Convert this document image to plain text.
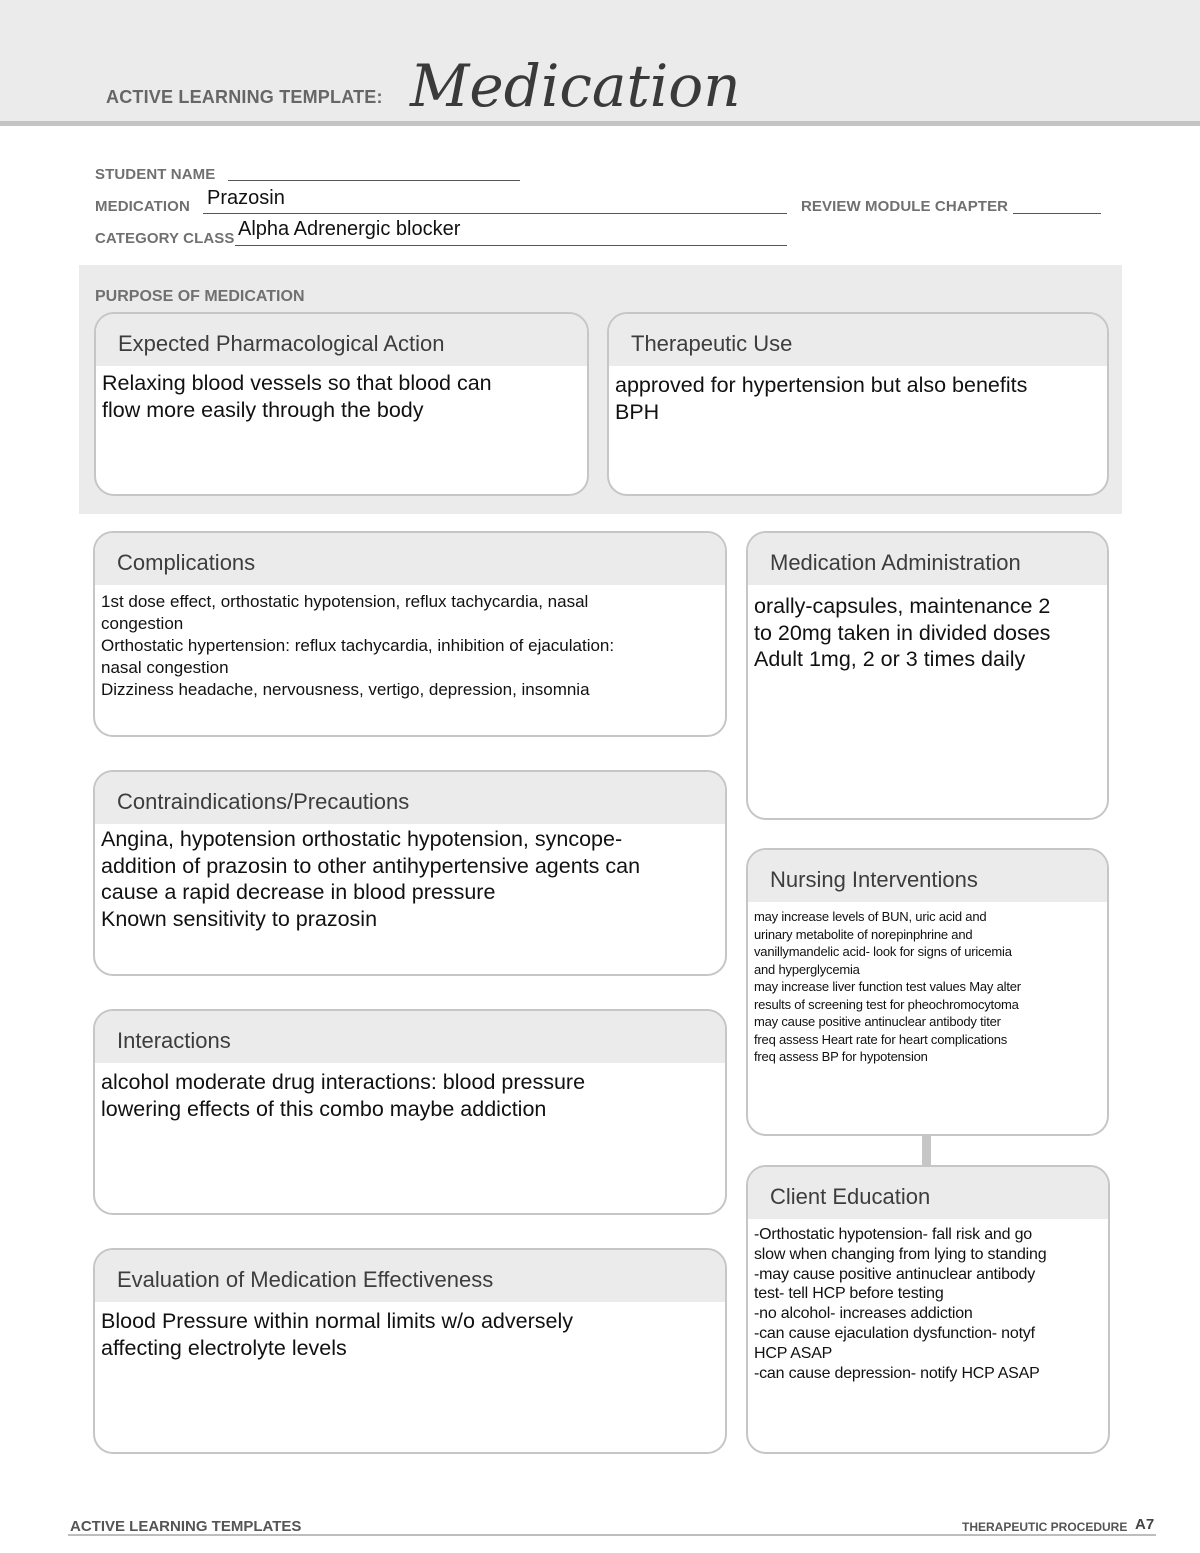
ACTIVE LEARNING TEMPLATE: Medication
STUDENT NAME
MEDICATION Prazosin	REVIEW MODULE CHAPTER
CATEGORY CLASS Alpha Adrenergic blocker
PURPOSE OF MEDICATION
Expected Pharmacological Action
Relaxing blood vessels so that blood can
flow more easily through the body
Therapeutic Use
approved for hypertension but also benefits
BPH
Complications
1st dose effect, orthostatic hypotension, reflux tachycardia, nasal
congestion
Orthostatic hypertension: reflux tachycardia, inhibition of ejaculation:
nasal congestion
Dizziness headache, nervousness, vertigo, depression, insomnia
Contraindications/Precautions
Angina, hypotension orthostatic hypotension, syncope-
addition of prazosin to other antihypertensive agents can
cause a rapid decrease in blood pressure
Known sensitivity to prazosin
Interactions
alcohol moderate drug interactions: blood pressure
lowering effects of this combo maybe addiction
Evaluation of Medication Effectiveness
Blood Pressure within normal limits w/o adversely
affecting electrolyte levels
Medication Administration
orally-capsules, maintenance 2
to 20mg taken in divided doses
Adult 1mg, 2 or 3 times daily
Nursing Interventions
may increase levels of BUN, uric acid and
urinary metabolite of norepinphrine and
vanillymandelic acid- look for signs of uricemia
and hyperglycemia
may increase liver function test values May alter
results of screening test for pheochromocytoma
may cause positive antinuclear antibody titer
freq assess Heart rate for heart complications
freq assess BP for hypotension
Client Education
-Orthostatic hypotension- fall risk and go
slow when changing from lying to standing
-may cause positive antinuclear antibody
test- tell HCP before testing
-no alcohol- increases addiction
-can cause ejaculation dysfunction- notyf
HCP ASAP
-can cause depression- notify HCP ASAP
ACTIVE LEARNING TEMPLATES	THERAPEUTIC PROCEDURE A7
